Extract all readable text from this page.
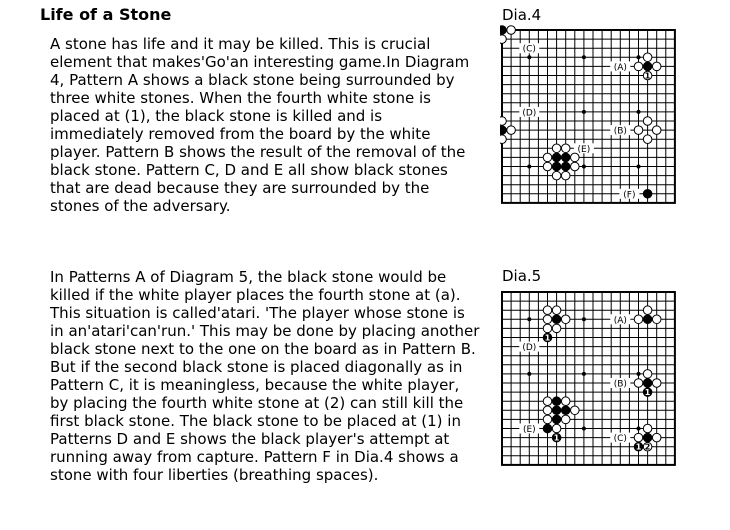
Life of a Stone

A stone has life and it may be killed. This is crucial element that makes'Go'an interesting game.In Diagram 4, Pattern A shows a black stone being surrounded by three white stones. When the fourth white stone is placed at (1), the black stone is killed and is immediately removed from the board by the white player. Pattern B shows the result of the removal of the black stone. Pattern C, D and E all show black stones that are dead because they are surrounded by the stones of the adversary.

In Patterns A of Diagram 5, the black stone would be killed if the white player places the fourth stone at (a). This situation is called'atari. 'The player whose stone is in an'atari'can'run.' This may be done by placing another black stone next to the one on the board as in Pattern B. But if the second black stone is placed diagonally as in Pattern C, it is meaningless, because the white player, by placing the fourth white stone at (2) can still kill the first black stone. The black stone to be placed at (1) in Patterns D and E shows the black player's attempt at running away from capture. Pattern F in Dia.4 shows a stone with four liberties (breathing spaces).

Dia.4
(C)
(A)
(D)
(B)
(E)
(F)
1
Dia.5
(A)
(D)
(B)
(E)
(C)
1
1
1
1 2
